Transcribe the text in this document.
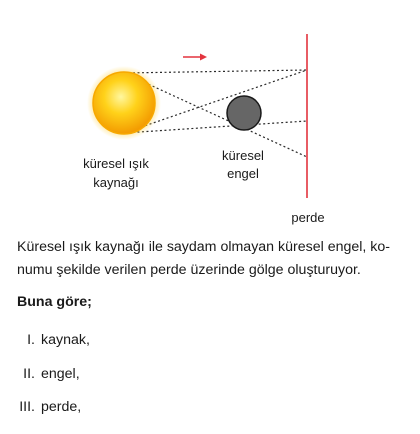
küresel ışık
kaynağı
küresel
engel
perde

Küresel ışık kaynağı ile saydam olmayan küresel engel, ko-
numu şekilde verilen perde üzerinde gölge oluşturuyor.

Buna göre;

I. kaynak,
II. engel,
III. perde,
